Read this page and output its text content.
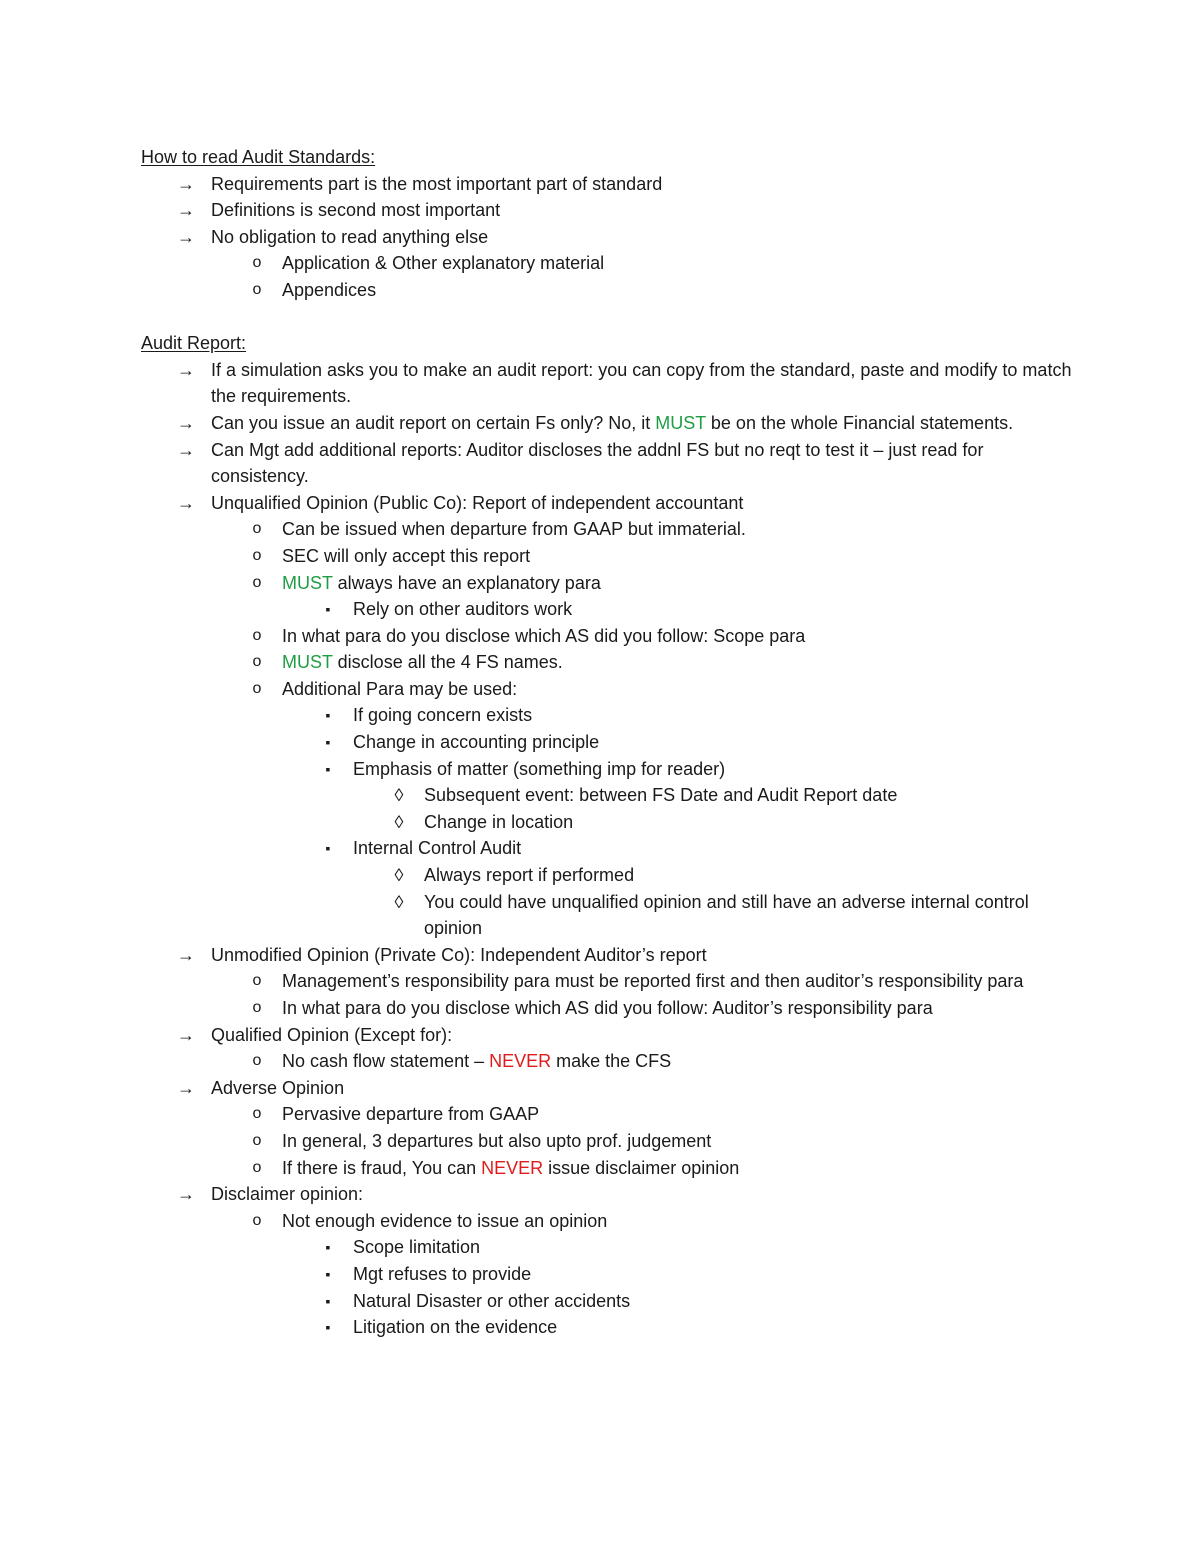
How to read Audit Standards:
→ Requirements part is the most important part of standard
→ Definitions is second most important
→ No obligation to read anything else
o	Application & Other explanatory material
o	Appendices
Audit Report:
→ If a simulation asks you to make an audit report: you can copy from the standard, paste and modify to match the requirements.
→ Can you issue an audit report on certain Fs only? No, it MUST be on the whole Financial statements.
→ Can Mgt add additional reports: Auditor discloses the addnl FS but no reqt to test it – just read for consistency.
→ Unqualified Opinion (Public Co): Report of independent accountant
o	Can be issued when departure from GAAP but immaterial.
o	SEC will only accept this report
o	MUST always have an explanatory para
▪	Rely on other auditors work
o	In what para do you disclose which AS did you follow: Scope para
o	MUST disclose all the 4 FS names.
o	Additional Para may be used:
▪	If going concern exists
▪	Change in accounting principle
▪	Emphasis of matter (something imp for reader)
◊	Subsequent event: between FS Date and Audit Report date
◊	Change in location
▪	Internal Control Audit
◊	Always report if performed
◊	You could have unqualified opinion and still have an adverse internal control opinion
→ Unmodified Opinion (Private Co): Independent Auditor’s report
o	Management’s responsibility para must be reported first and then auditor’s responsibility para
o	In what para do you disclose which AS did you follow: Auditor’s responsibility para
→ Qualified Opinion (Except for):
o	No cash flow statement – NEVER make the CFS
→ Adverse Opinion
o	Pervasive departure from GAAP
o	In general, 3 departures but also upto prof. judgement
o	If there is fraud, You can NEVER issue disclaimer opinion
→ Disclaimer opinion:
o	Not enough evidence to issue an opinion
▪	Scope limitation
▪	Mgt refuses to provide
▪	Natural Disaster or other accidents
▪	Litigation on the evidence
